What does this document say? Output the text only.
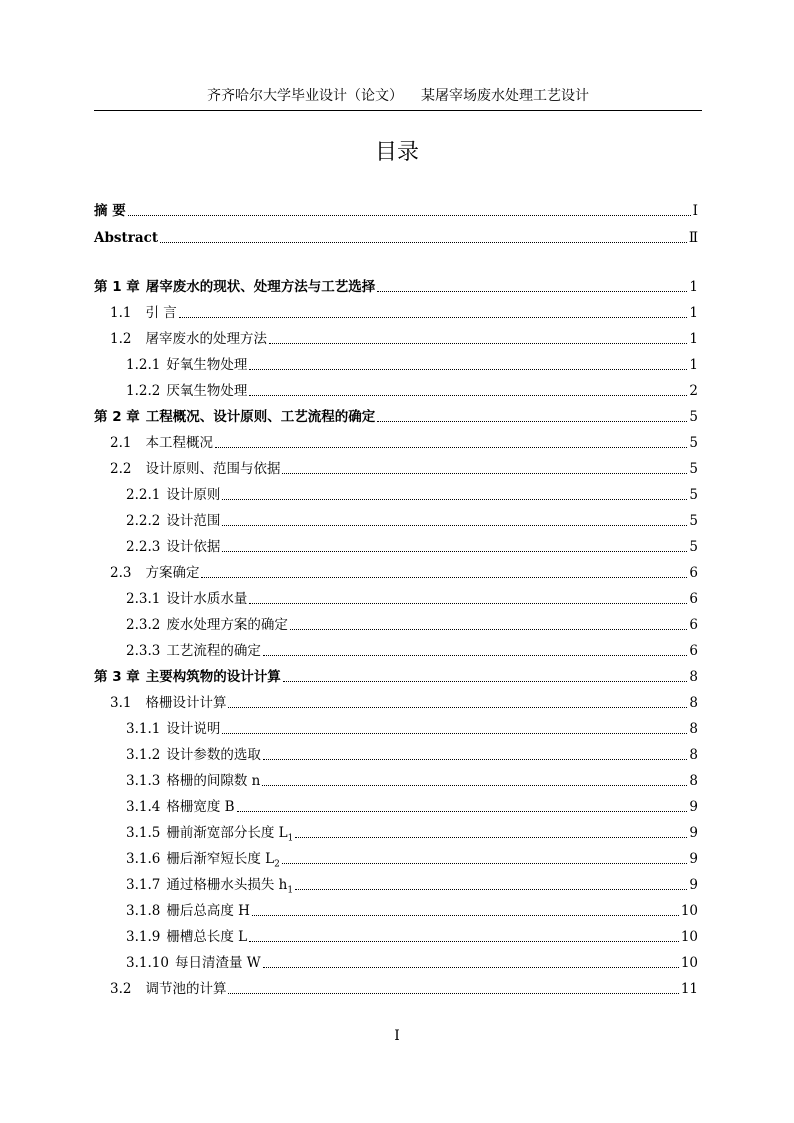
齐齐哈尔大学毕业设计（论文） 某屠宰场废水处理工艺设计
目录
摘 要	Ⅰ
Abstract	Ⅱ
第 1 章 屠宰废水的现状、处理方法与工艺选择	1
1.1 引 言	1
1.2 屠宰废水的处理方法	1
1.2.1 好氧生物处理	1
1.2.2 厌氧生物处理	2
第 2 章 工程概况、设计原则、工艺流程的确定	5
2.1 本工程概况	5
2.2 设计原则、范围与依据	5
2.2.1 设计原则	5
2.2.2 设计范围	5
2.2.3 设计依据	5
2.3 方案确定	6
2.3.1 设计水质水量	6
2.3.2 废水处理方案的确定	6
2.3.3 工艺流程的确定	6
第 3 章 主要构筑物的设计计算	8
3.1 格栅设计计算	8
3.1.1 设计说明	8
3.1.2 设计参数的选取	8
3.1.3 格栅的间隙数 n	8
3.1.4 格栅宽度 B	9
3.1.5 栅前渐宽部分长度 $L_1$	9
3.1.6 栅后渐窄短长度 $L_2$	9
3.1.7 通过格栅水头损失 $h_1$	9
3.1.8 栅后总高度 H	10
3.1.9 栅槽总长度 L	10
3.1.10 每日清渣量 W	10
3.2 调节池的计算	11
I
